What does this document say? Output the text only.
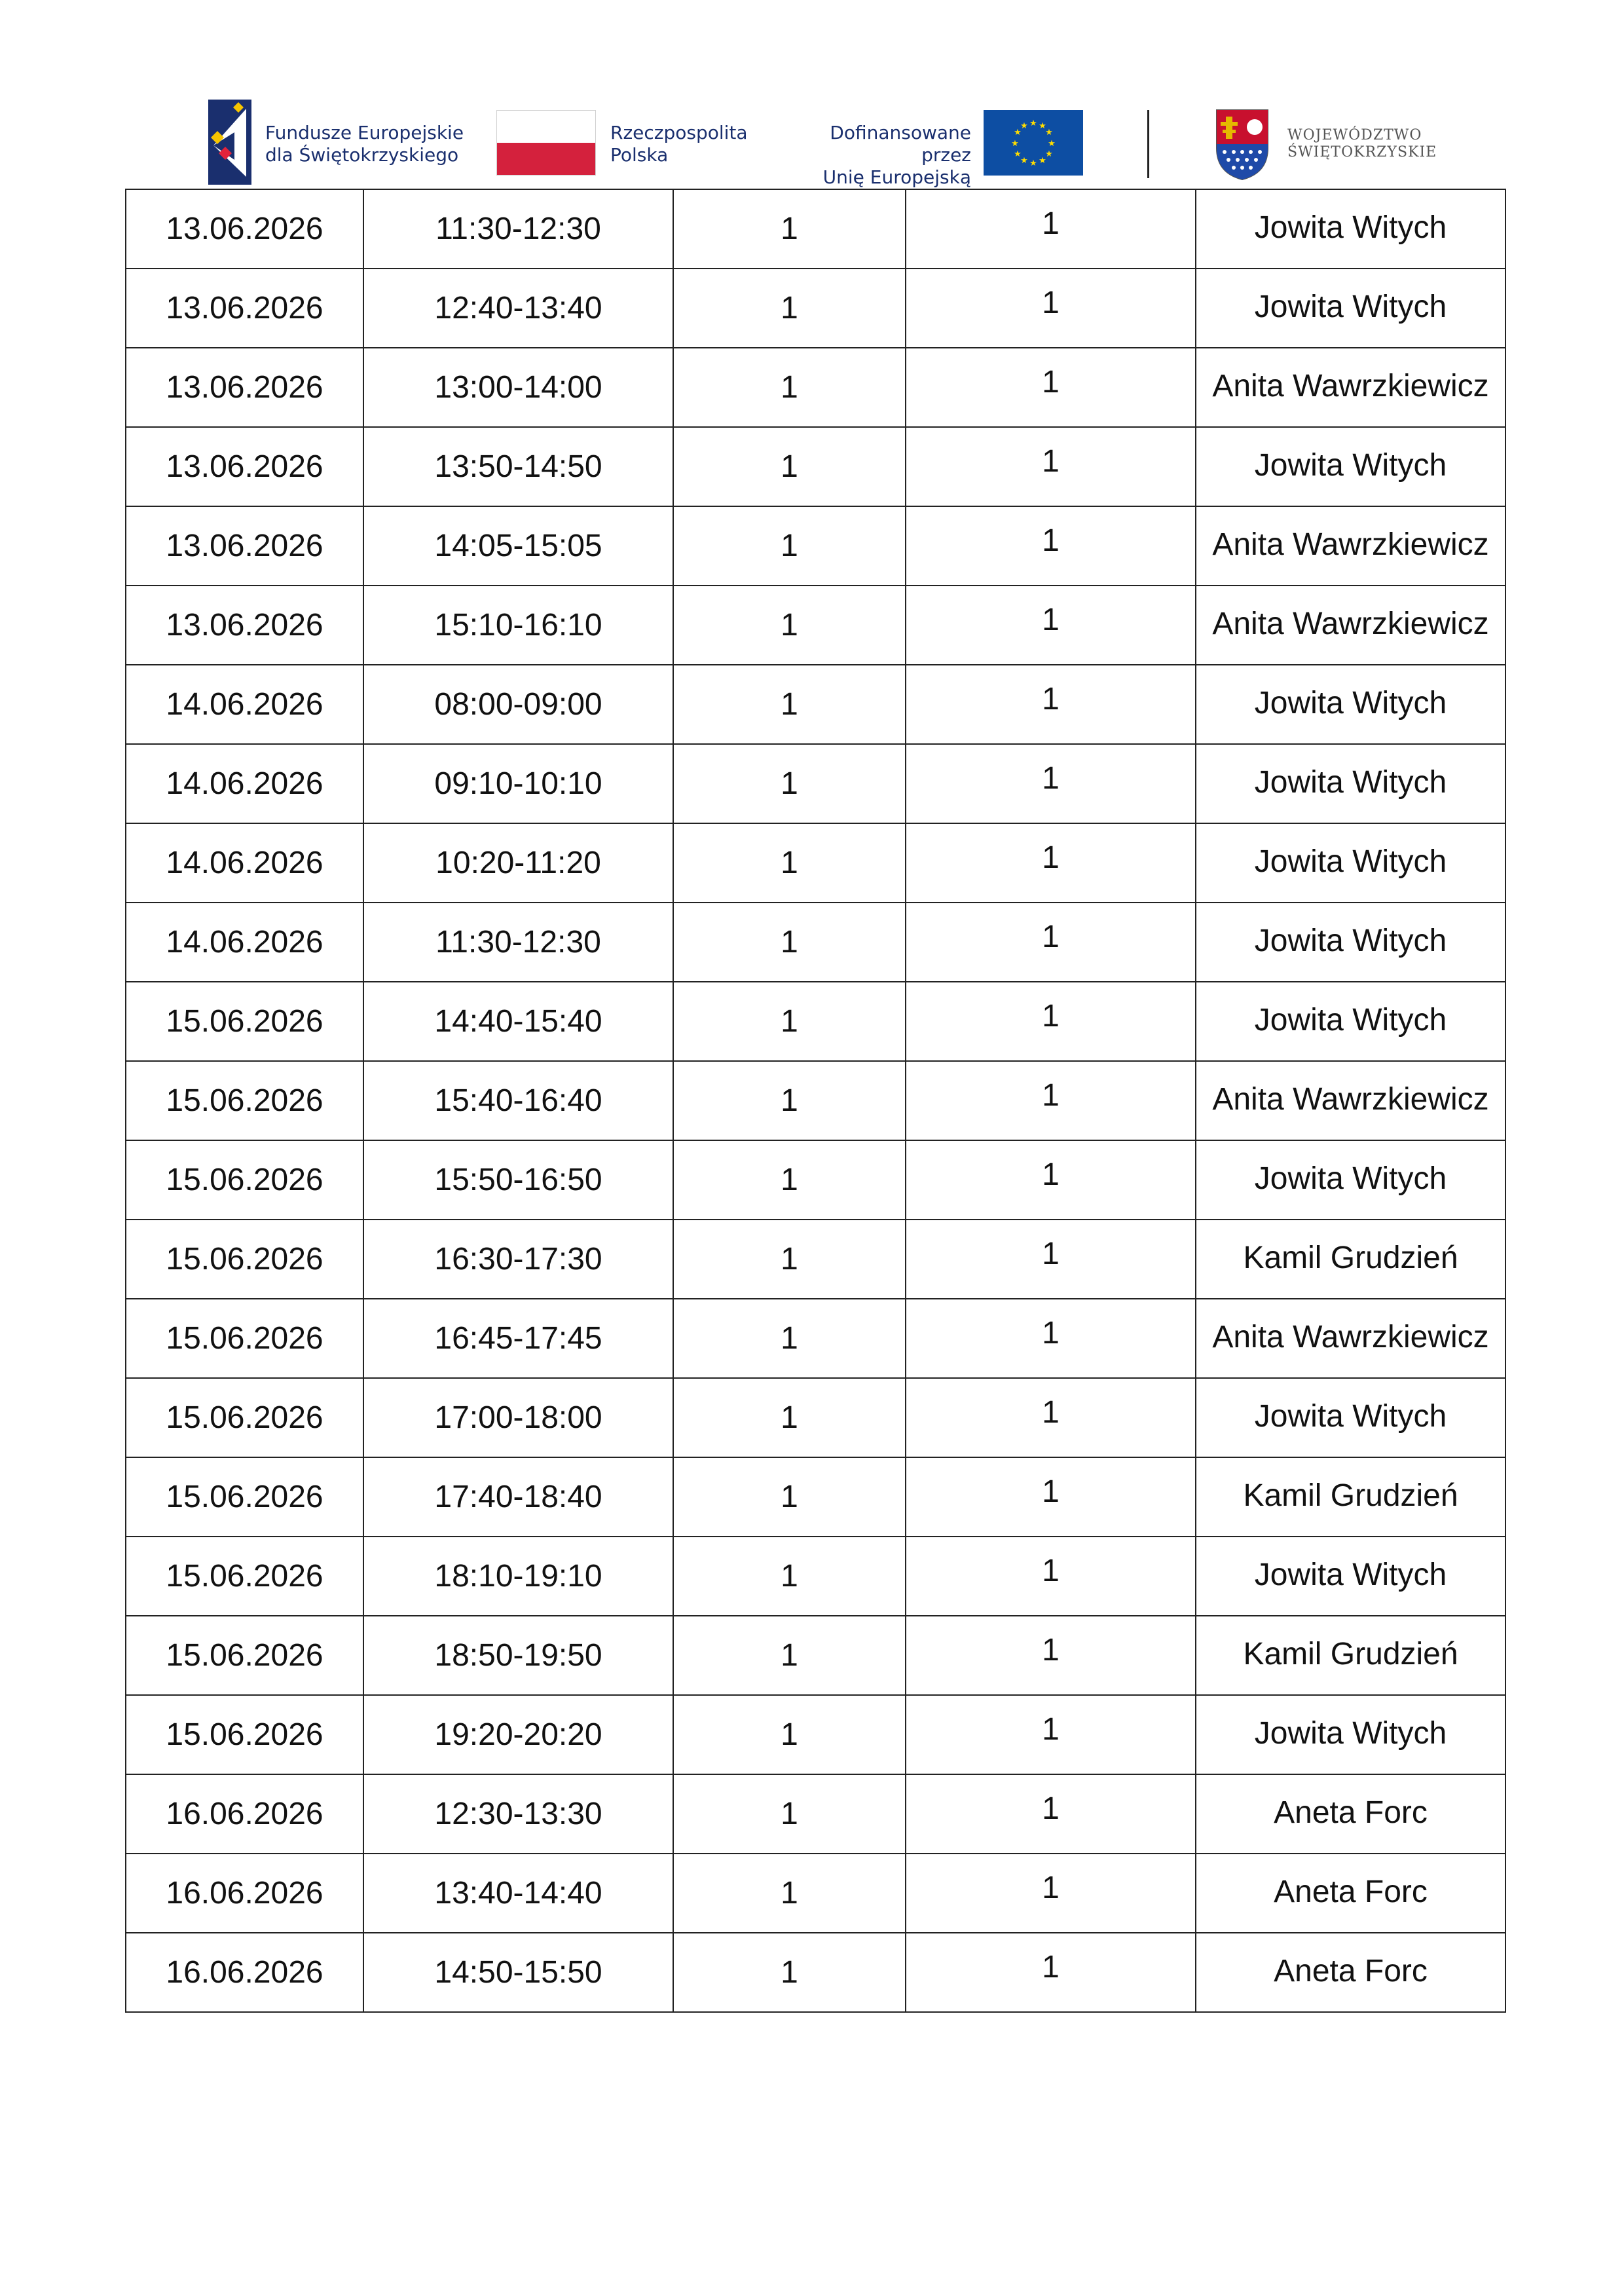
Fundusze Europejskie
dla Świętokrzyskiego
Rzeczpospolita
Polska
Dofinansowane przez
Unię Europejską
★ ★
★
★
★
★
★
★
★
★
★
★
WOJEWÓDZTWO
ŚWIĘTOKRZYSKIE
13.06.2026	11:30-12:30	1	1	Jowita Witych
13.06.2026	12:40-13:40	1	1	Jowita Witych
13.06.2026	13:00-14:00	1	1	Anita Wawrzkiewicz
13.06.2026	13:50-14:50	1	1	Jowita Witych
13.06.2026	14:05-15:05	1	1	Anita Wawrzkiewicz
13.06.2026	15:10-16:10	1	1	Anita Wawrzkiewicz
14.06.2026	08:00-09:00	1	1	Jowita Witych
14.06.2026	09:10-10:10	1	1	Jowita Witych
14.06.2026	10:20-11:20	1	1	Jowita Witych
14.06.2026	11:30-12:30	1	1	Jowita Witych
15.06.2026	14:40-15:40	1	1	Jowita Witych
15.06.2026	15:40-16:40	1	1	Anita Wawrzkiewicz
15.06.2026	15:50-16:50	1	1	Jowita Witych
15.06.2026	16:30-17:30	1	1	Kamil Grudzień
15.06.2026	16:45-17:45	1	1	Anita Wawrzkiewicz
15.06.2026	17:00-18:00	1	1	Jowita Witych
15.06.2026	17:40-18:40	1	1	Kamil Grudzień
15.06.2026	18:10-19:10	1	1	Jowita Witych
15.06.2026	18:50-19:50	1	1	Kamil Grudzień
15.06.2026	19:20-20:20	1	1	Jowita Witych
16.06.2026	12:30-13:30	1	1	Aneta Forc
16.06.2026	13:40-14:40	1	1	Aneta Forc
16.06.2026	14:50-15:50	1	1	Aneta Forc
